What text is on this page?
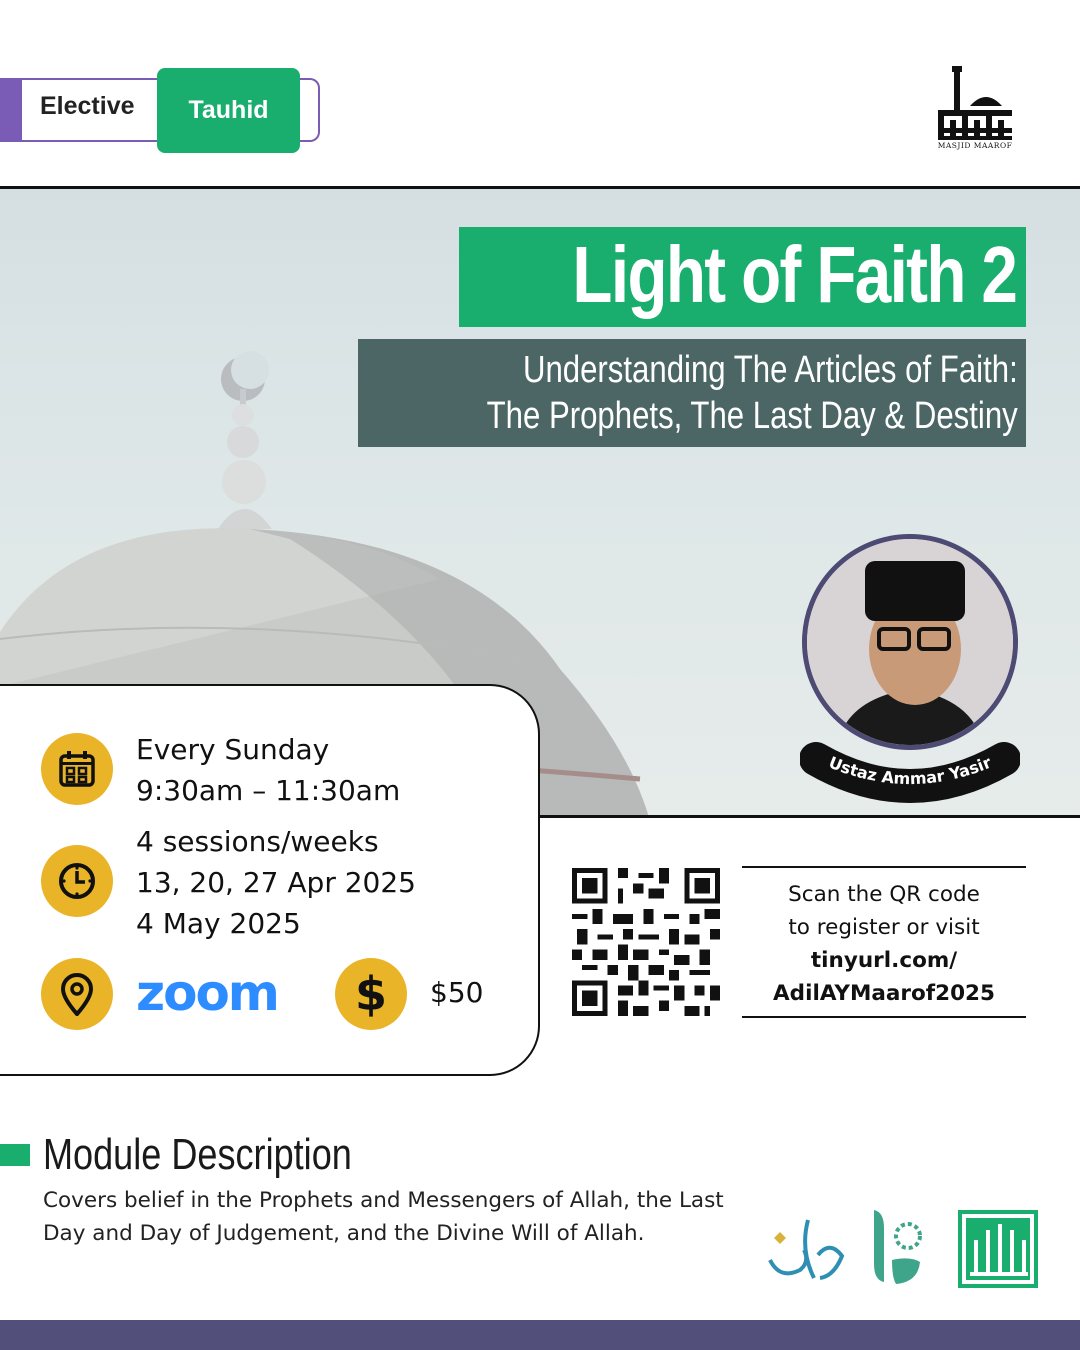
Elective Tauhid
MASJID MAAROF
Light of Faith 2
Understanding The Articles of Faith:
The Prophets, The Last Day & Destiny
Ustaz Ammar Yasir
Every Sunday
9:30am – 11:30am
4 sessions/weeks
13, 20, 27 Apr 2025
4 May 2025
zoom $ $50
Scan the QR code
to register or visit
tinyurl.com/
AdilAYMaarof2025
Module Description
Covers belief in the Prophets and Messengers of Allah, the Last Day and Day of Judgement, and the Divine Will of Allah.
